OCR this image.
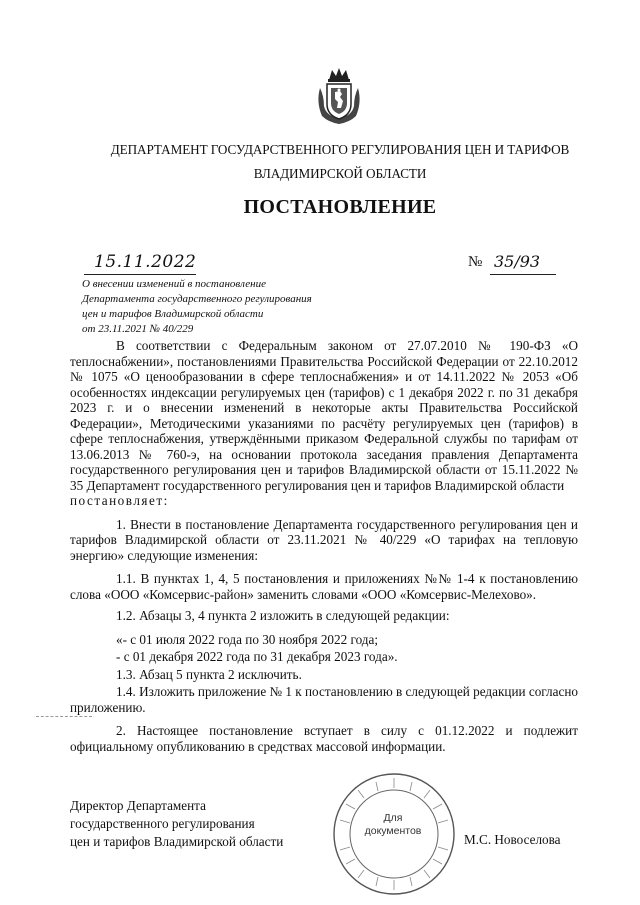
ДЕПАРТАМЕНТ ГОСУДАРСТВЕННОГО РЕГУЛИРОВАНИЯ ЦЕН И ТАРИФОВ
ВЛАДИМИРСКОЙ ОБЛАСТИ
ПОСТАНОВЛЕНИЕ
15.11.2022	№ 35/93
О внесении изменений в постановление
Департамента государственного регулирования
цен и тарифов Владимирской области
от 23.11.2021 № 40/229

В соответствии с Федеральным законом от 27.07.2010 № 190-ФЗ «О теплоснабжении», постановлениями Правительства Российской Федерации от 22.10.2012 № 1075 «О ценообразовании в сфере теплоснабжения» и от 14.11.2022 № 2053 «Об особенностях индексации регулируемых цен (тарифов) с 1 декабря 2022 г. по 31 декабря 2023 г. и о внесении изменений в некоторые акты Правительства Российской Федерации», Методическими указаниями по расчёту регулируемых цен (тарифов) в сфере теплоснабжения, утверждёнными приказом Федеральной службы по тарифам от 13.06.2013 № 760-э, на основании протокола заседания правления Департамента государственного регулирования цен и тарифов Владимирской области от 15.11.2022 № 35 Департамент государственного регулирования цен и тарифов Владимирской области

постановляет:

1. Внести в постановление Департамента государственного регулирования цен и тарифов Владимирской области от 23.11.2021 № 40/229 «О тарифах на тепловую энергию» следующие изменения:

1.1. В пунктах 1, 4, 5 постановления и приложениях №№ 1-4 к постановлению слова «ООО «Комсервис-район» заменить словами «ООО «Комсервис-Мелехово».

1.2. Абзацы 3, 4 пункта 2 изложить в следующей редакции:

«- с 01 июля 2022 года по 30 ноября 2022 года;

- с 01 декабря 2022 года по 31 декабря 2023 года».

1.3. Абзац 5 пункта 2 исключить.

1.4. Изложить приложение № 1 к постановлению в следующей редакции согласно приложению.

2. Настоящее постановление вступает в силу с 01.12.2022 и подлежит официальному опубликованию в средствах массовой информации.

Директор Департамента
государственного регулирования
цен и тарифов Владимирской области
Для
документов
М.С. Новоселова
